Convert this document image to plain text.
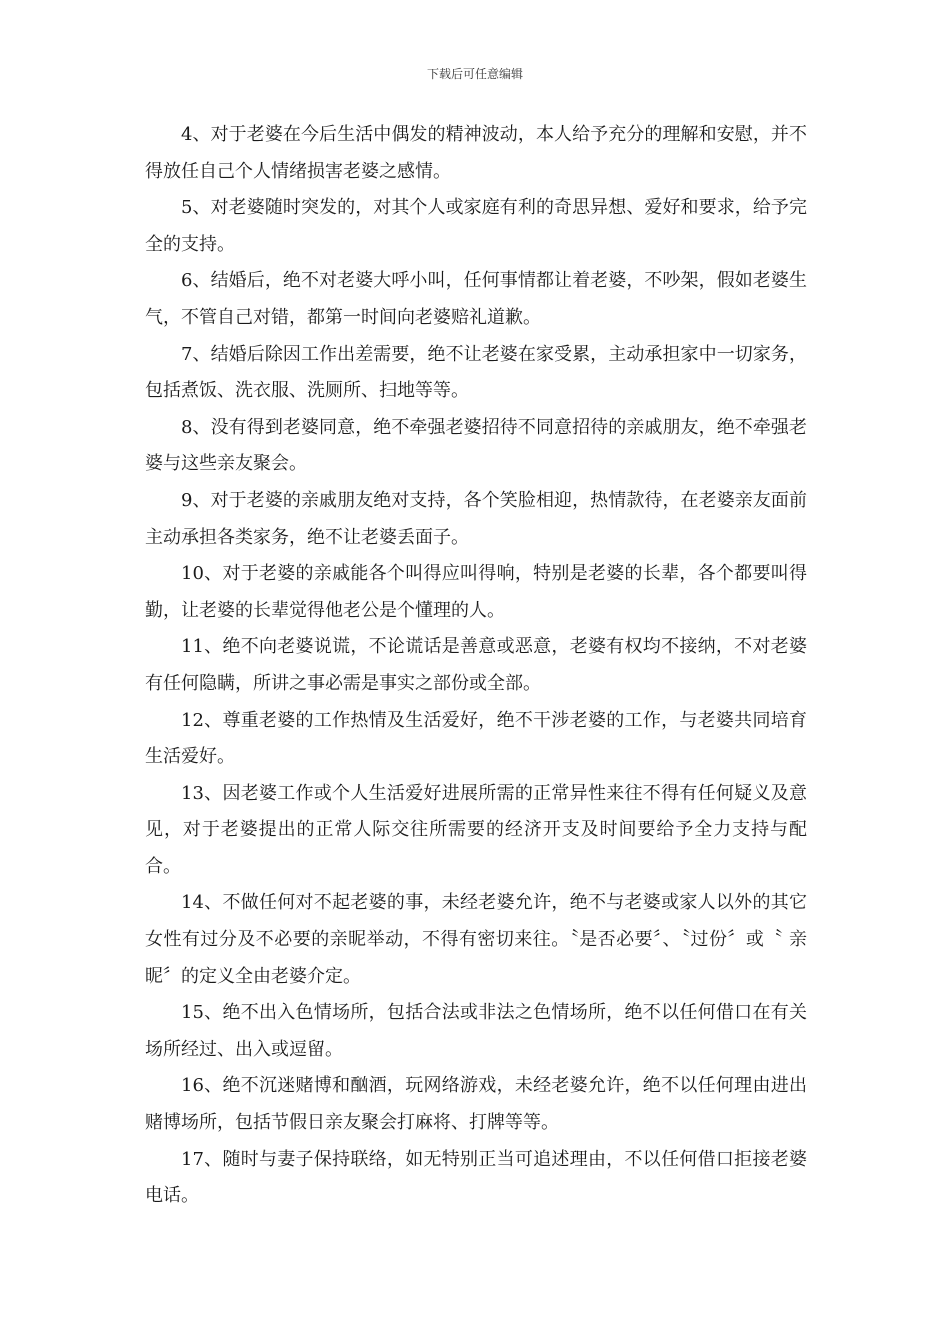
下载后可任意编辑

4、对于老婆在今后生活中偶发的精神波动，本人给予充分的理解和安慰，并不得放任自己个人情绪损害老婆之感情。

5、对老婆随时突发的，对其个人或家庭有利的奇思异想、爱好和要求，给予完全的支持。

6、结婚后，绝不对老婆大呼小叫，任何事情都让着老婆，不吵架，假如老婆生气，不管自己对错，都第一时间向老婆赔礼道歉。

7、结婚后除因工作出差需要，绝不让老婆在家受累，主动承担家中一切家务，包括煮饭、洗衣服、洗厕所、扫地等等。

8、没有得到老婆同意，绝不牵强老婆招待不同意招待的亲戚朋友，绝不牵强老婆与这些亲友聚会。

9、对于老婆的亲戚朋友绝对支持，各个笑脸相迎，热情款待，在老婆亲友面前主动承担各类家务，绝不让老婆丢面子。

10、对于老婆的亲戚能各个叫得应叫得响，特别是老婆的长辈，各个都要叫得勤，让老婆的长辈觉得他老公是个懂理的人。

11、绝不向老婆说谎，不论谎话是善意或恶意，老婆有权均不接纳，不对老婆有任何隐瞒，所讲之事必需是事实之部份或全部。

12、尊重老婆的工作热情及生活爱好，绝不干涉老婆的工作，与老婆共同培育生活爱好。

13、因老婆工作或个人生活爱好进展所需的正常异性来往不得有任何疑义及意见，对于老婆提出的正常人际交往所需要的经济开支及时间要给予全力支持与配合。

14、不做任何对不起老婆的事，未经老婆允许，绝不与老婆或家人以外的其它女性有过分及不必要的亲昵举动，不得有密切来往。〝是否必要〞、〝过份〞或〝 亲昵〞的定义全由老婆介定。

15、绝不出入色情场所，包括合法或非法之色情场所，绝不以任何借口在有关场所经过、出入或逗留。

16、绝不沉迷赌博和酗酒，玩网络游戏，未经老婆允许，绝不以任何理由进出赌博场所，包括节假日亲友聚会打麻将、打牌等等。

17、随时与妻子保持联络，如无特别正当可追述理由，不以任何借口拒接老婆电话。
